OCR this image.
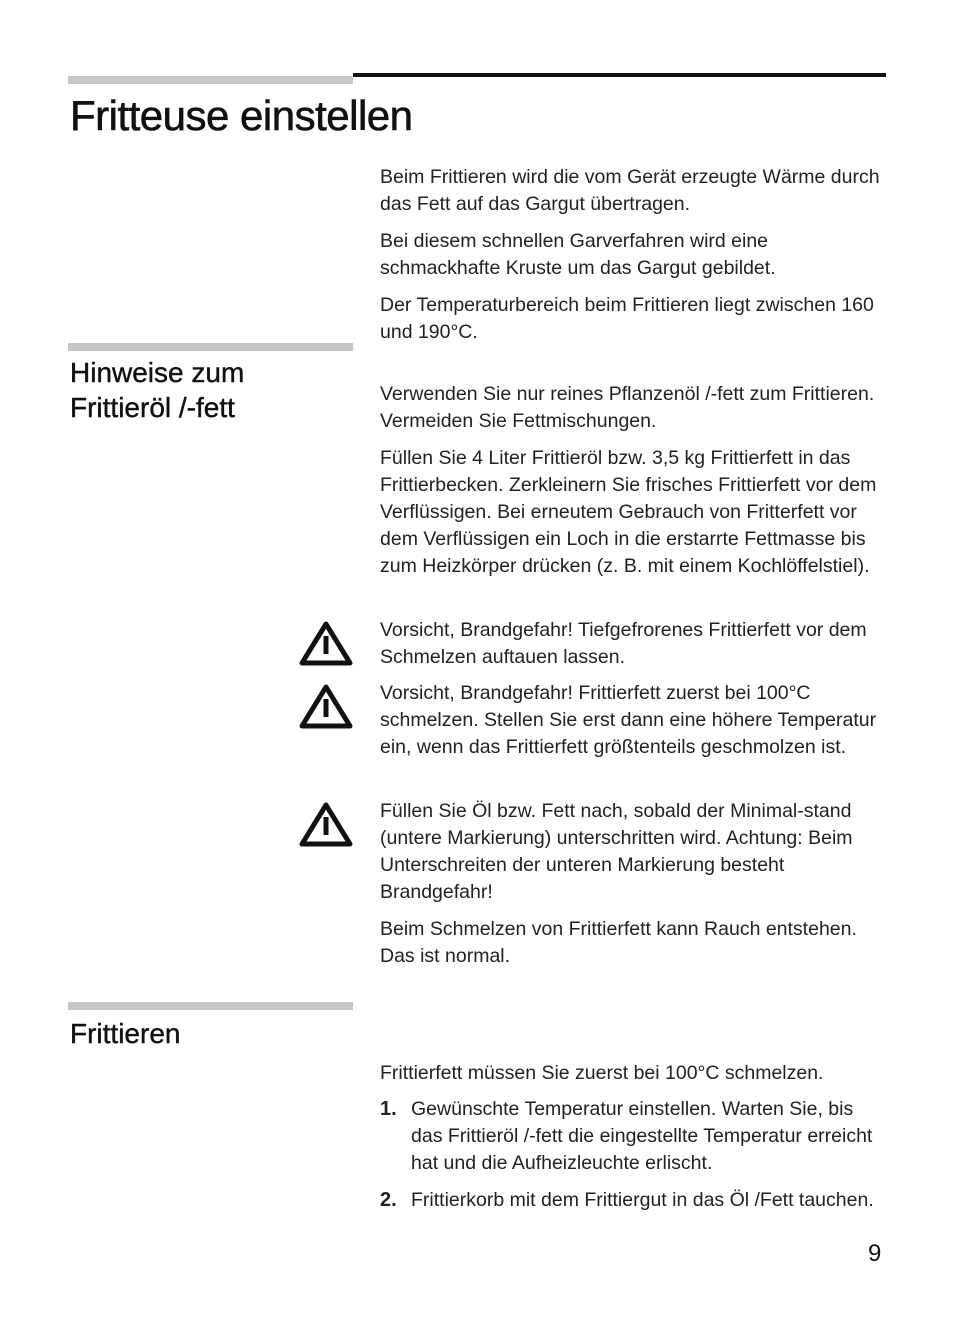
Fritteuse einstellen

Beim Frittieren wird die vom Gerät erzeugte Wärme durch das Fett auf das Gargut übertragen.

Bei diesem schnellen Garverfahren wird eine schmackhafte Kruste um das Gargut gebildet.

Der Temperaturbereich beim Frittieren liegt zwischen 160 und 190°C.

Hinweise zum
Frittieröl /-fett	Verwenden Sie nur reines Pflanzenöl /-fett zum Frittieren. Vermeiden Sie Fettmischungen.

Füllen Sie 4 Liter Frittieröl bzw. 3,5 kg Frittierfett in das Frittierbecken. Zerkleinern Sie frisches Frittierfett vor dem Verflüssigen. Bei erneutem Gebrauch von Fritterfett vor dem Verflüssigen ein Loch in die erstarrte Fettmasse bis zum Heizkörper drücken (z. B. mit einem Kochlöffelstiel).

Vorsicht, Brandgefahr! Tiefgefrorenes Frittierfett vor dem Schmelzen auftauen lassen.

Vorsicht, Brandgefahr! Frittierfett zuerst bei 100°C schmelzen. Stellen Sie erst dann eine höhere Temperatur ein, wenn das Frittierfett größtenteils geschmolzen ist.

Füllen Sie Öl bzw. Fett nach, sobald der Minimal-stand (untere Markierung) unterschritten wird. Achtung: Beim Unterschreiten der unteren Markierung besteht Brandgefahr!

Beim Schmelzen von Frittierfett kann Rauch entstehen. Das ist normal.

Frittieren

Frittierfett müssen Sie zuerst bei 100°C schmelzen.

1. Gewünschte Temperatur einstellen. Warten Sie, bis das Frittieröl /-fett die eingestellte Temperatur erreicht hat und die Aufheizleuchte erlischt.
2. Frittierkorb mit dem Frittiergut in das Öl /Fett tauchen.
9
